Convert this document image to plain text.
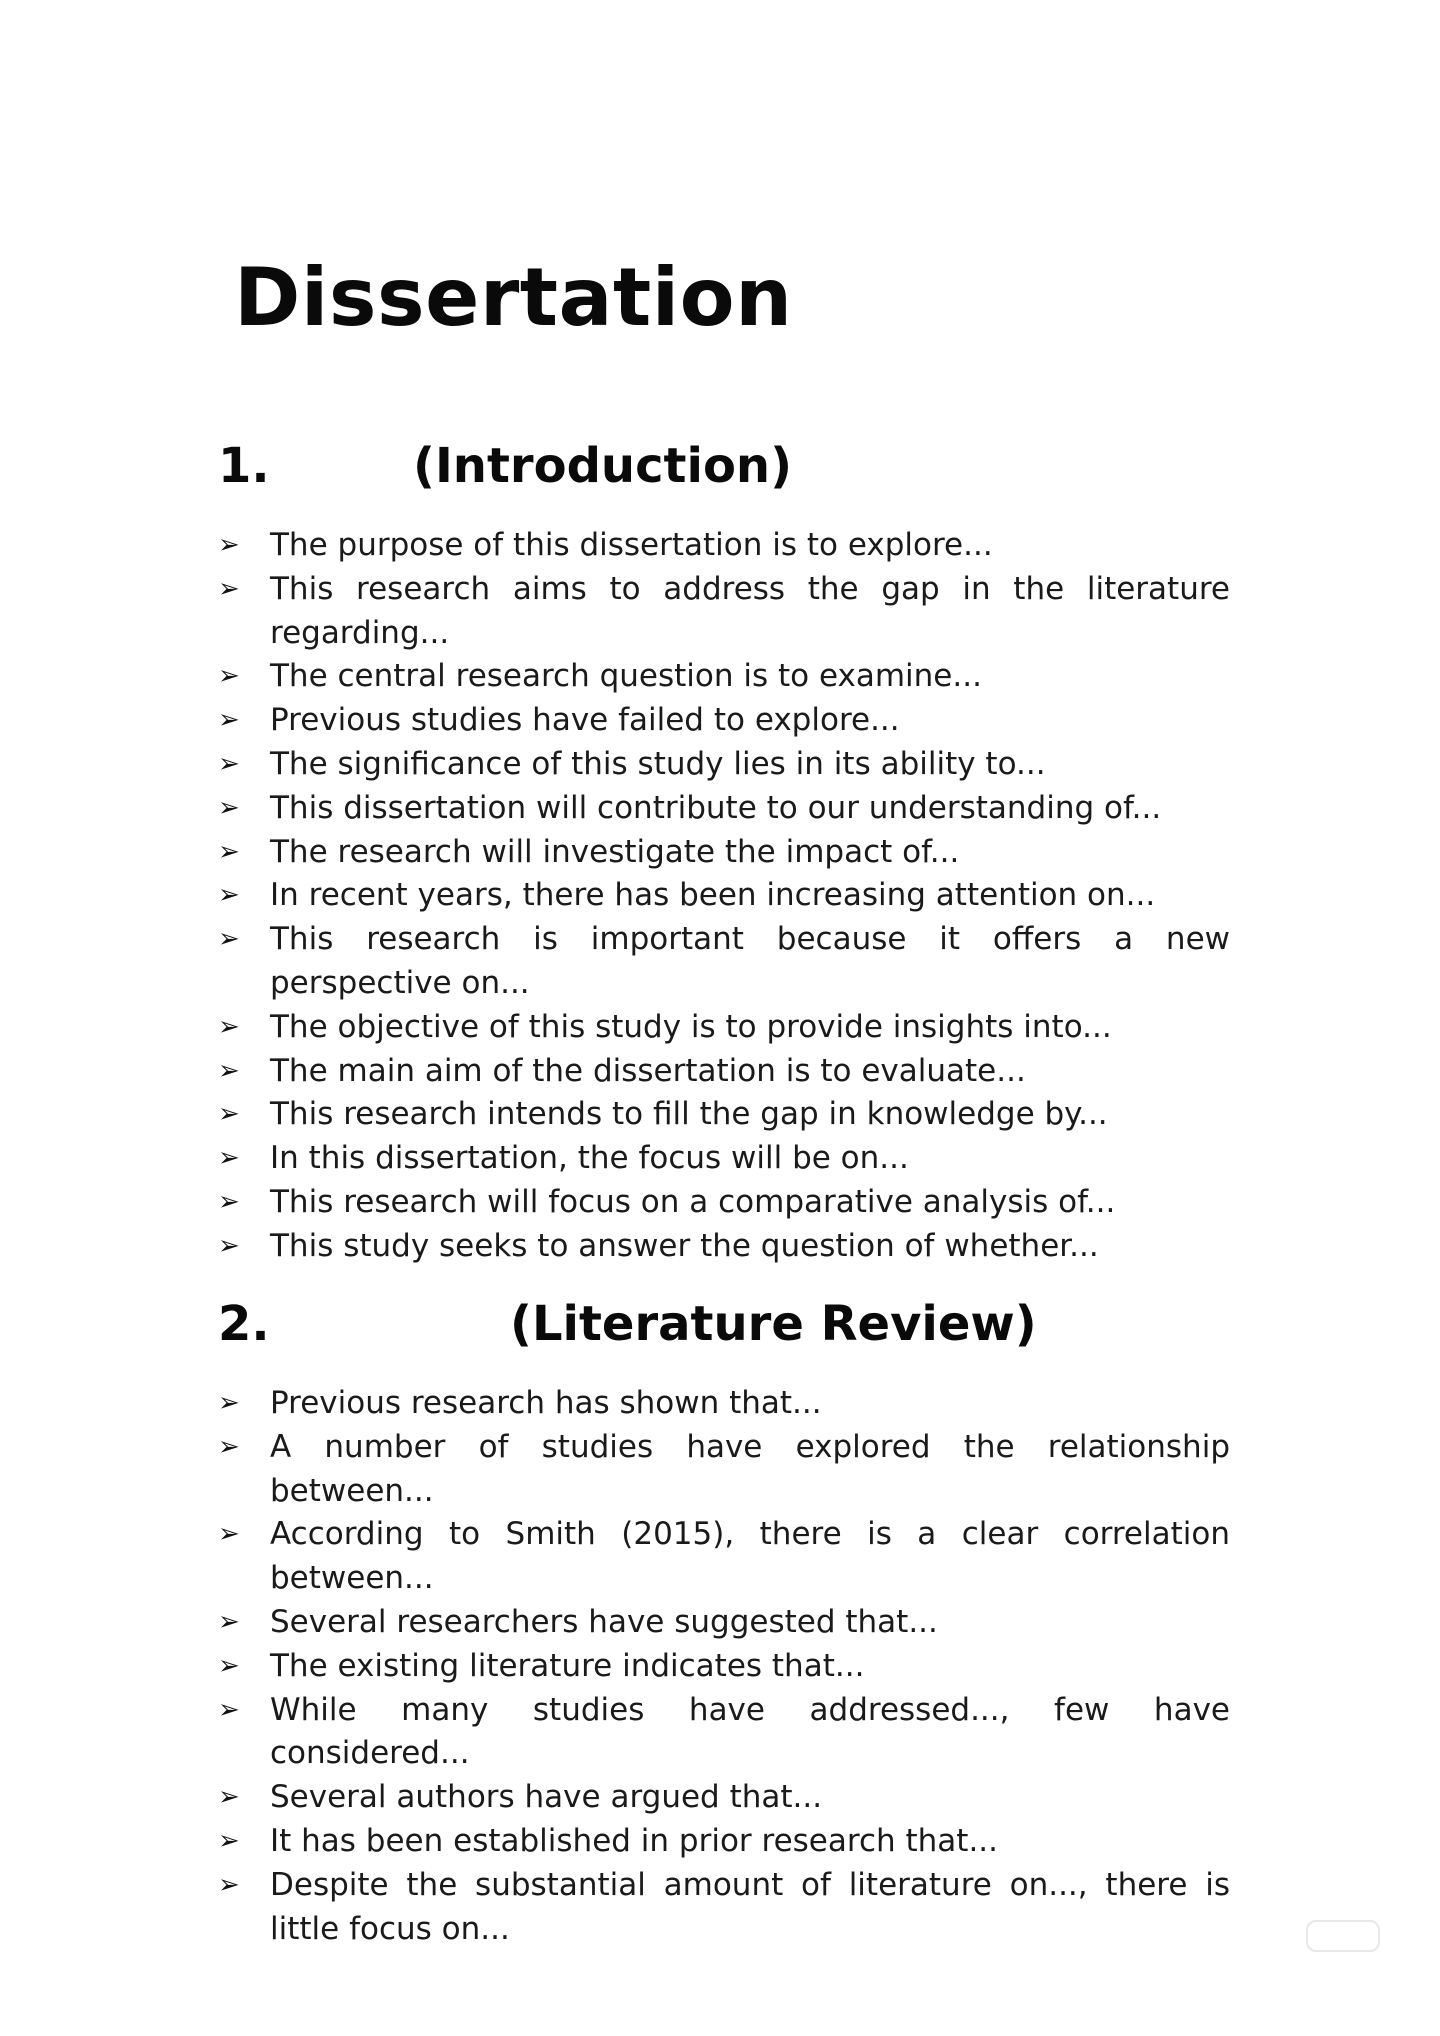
Dissertation
1.	(Introduction)
➢ The purpose of this dissertation is to explore...
➢ This research aims to address the gap in the literature regarding...
➢ The central research question is to examine...
➢ Previous studies have failed to explore...
➢ The significance of this study lies in its ability to...
➢ This dissertation will contribute to our understanding of...
➢ The research will investigate the impact of...
➢ In recent years, there has been increasing attention on...
➢ This research is important because it offers a new perspective on...
➢ The objective of this study is to provide insights into...
➢ The main aim of the dissertation is to evaluate...
➢ This research intends to fill the gap in knowledge by...
➢ In this dissertation, the focus will be on...
➢ This research will focus on a comparative analysis of...
➢ This study seeks to answer the question of whether...
2.	(Literature Review)
➢ Previous research has shown that...
➢ A number of studies have explored the relationship between...
➢ According to Smith (2015), there is a clear correlation between...
➢ Several researchers have suggested that...
➢ The existing literature indicates that...
➢ While many studies have addressed..., few have considered...
➢ Several authors have argued that...
➢ It has been established in prior research that...
➢ Despite the substantial amount of literature on..., there is little focus on...
